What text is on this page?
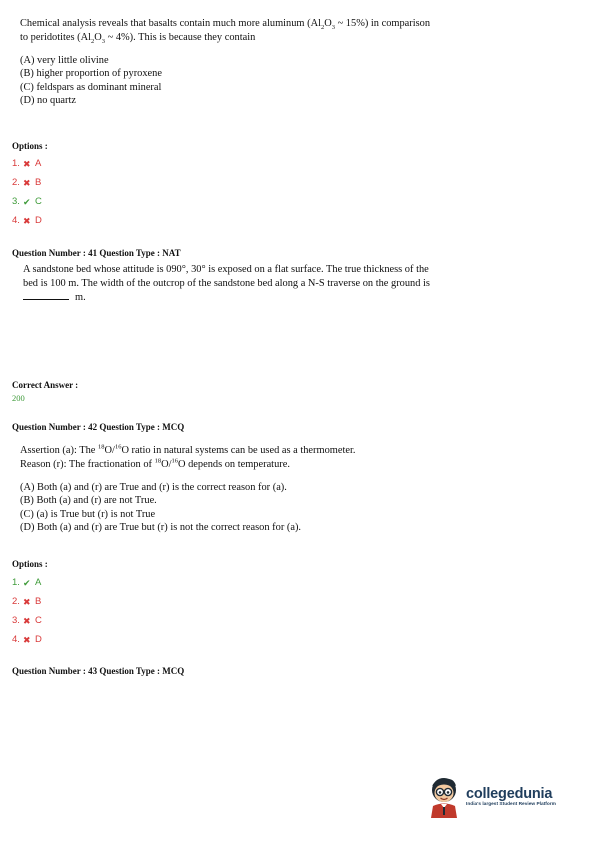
Chemical analysis reveals that basalts contain much more aluminum ($Al_2O_3$ ~ 15%) in comparison
to peridotites ($Al_2O_3$ ~ 4%). This is because they contain
(A) very little olivine
(B) higher proportion of pyroxene
(C) feldspars as dominant mineral
(D) no quartz
Options :
1. ✖ A
2. ✖ B
3. ✔ C
4. ✖ D
Question Number : 41 Question Type : NAT
A sandstone bed whose attitude is 090°, 30° is exposed on a flat surface. The true thickness of the
bed is 100 m. The width of the outcrop of the sandstone bed along a N-S traverse on the ground is
m.
Correct Answer :
200
Question Number : 42 Question Type : MCQ
Assertion (a): The $^{18}$O/$^{16}$O ratio in natural systems can be used as a thermometer.
Reason (r): The fractionation of $^{18}$O/$^{16}$O depends on temperature.
(A) Both (a) and (r) are True and (r) is the correct reason for (a).
(B) Both (a) and (r) are not True.
(C) (a) is True but (r) is not True
(D) Both (a) and (r) are True but (r) is not the correct reason for (a).
Options :
1. ✔ A
2. ✖ B
3. ✖ C
4. ✖ D
Question Number : 43 Question Type : MCQ
collegedunia
India's largest Student Review Platform
